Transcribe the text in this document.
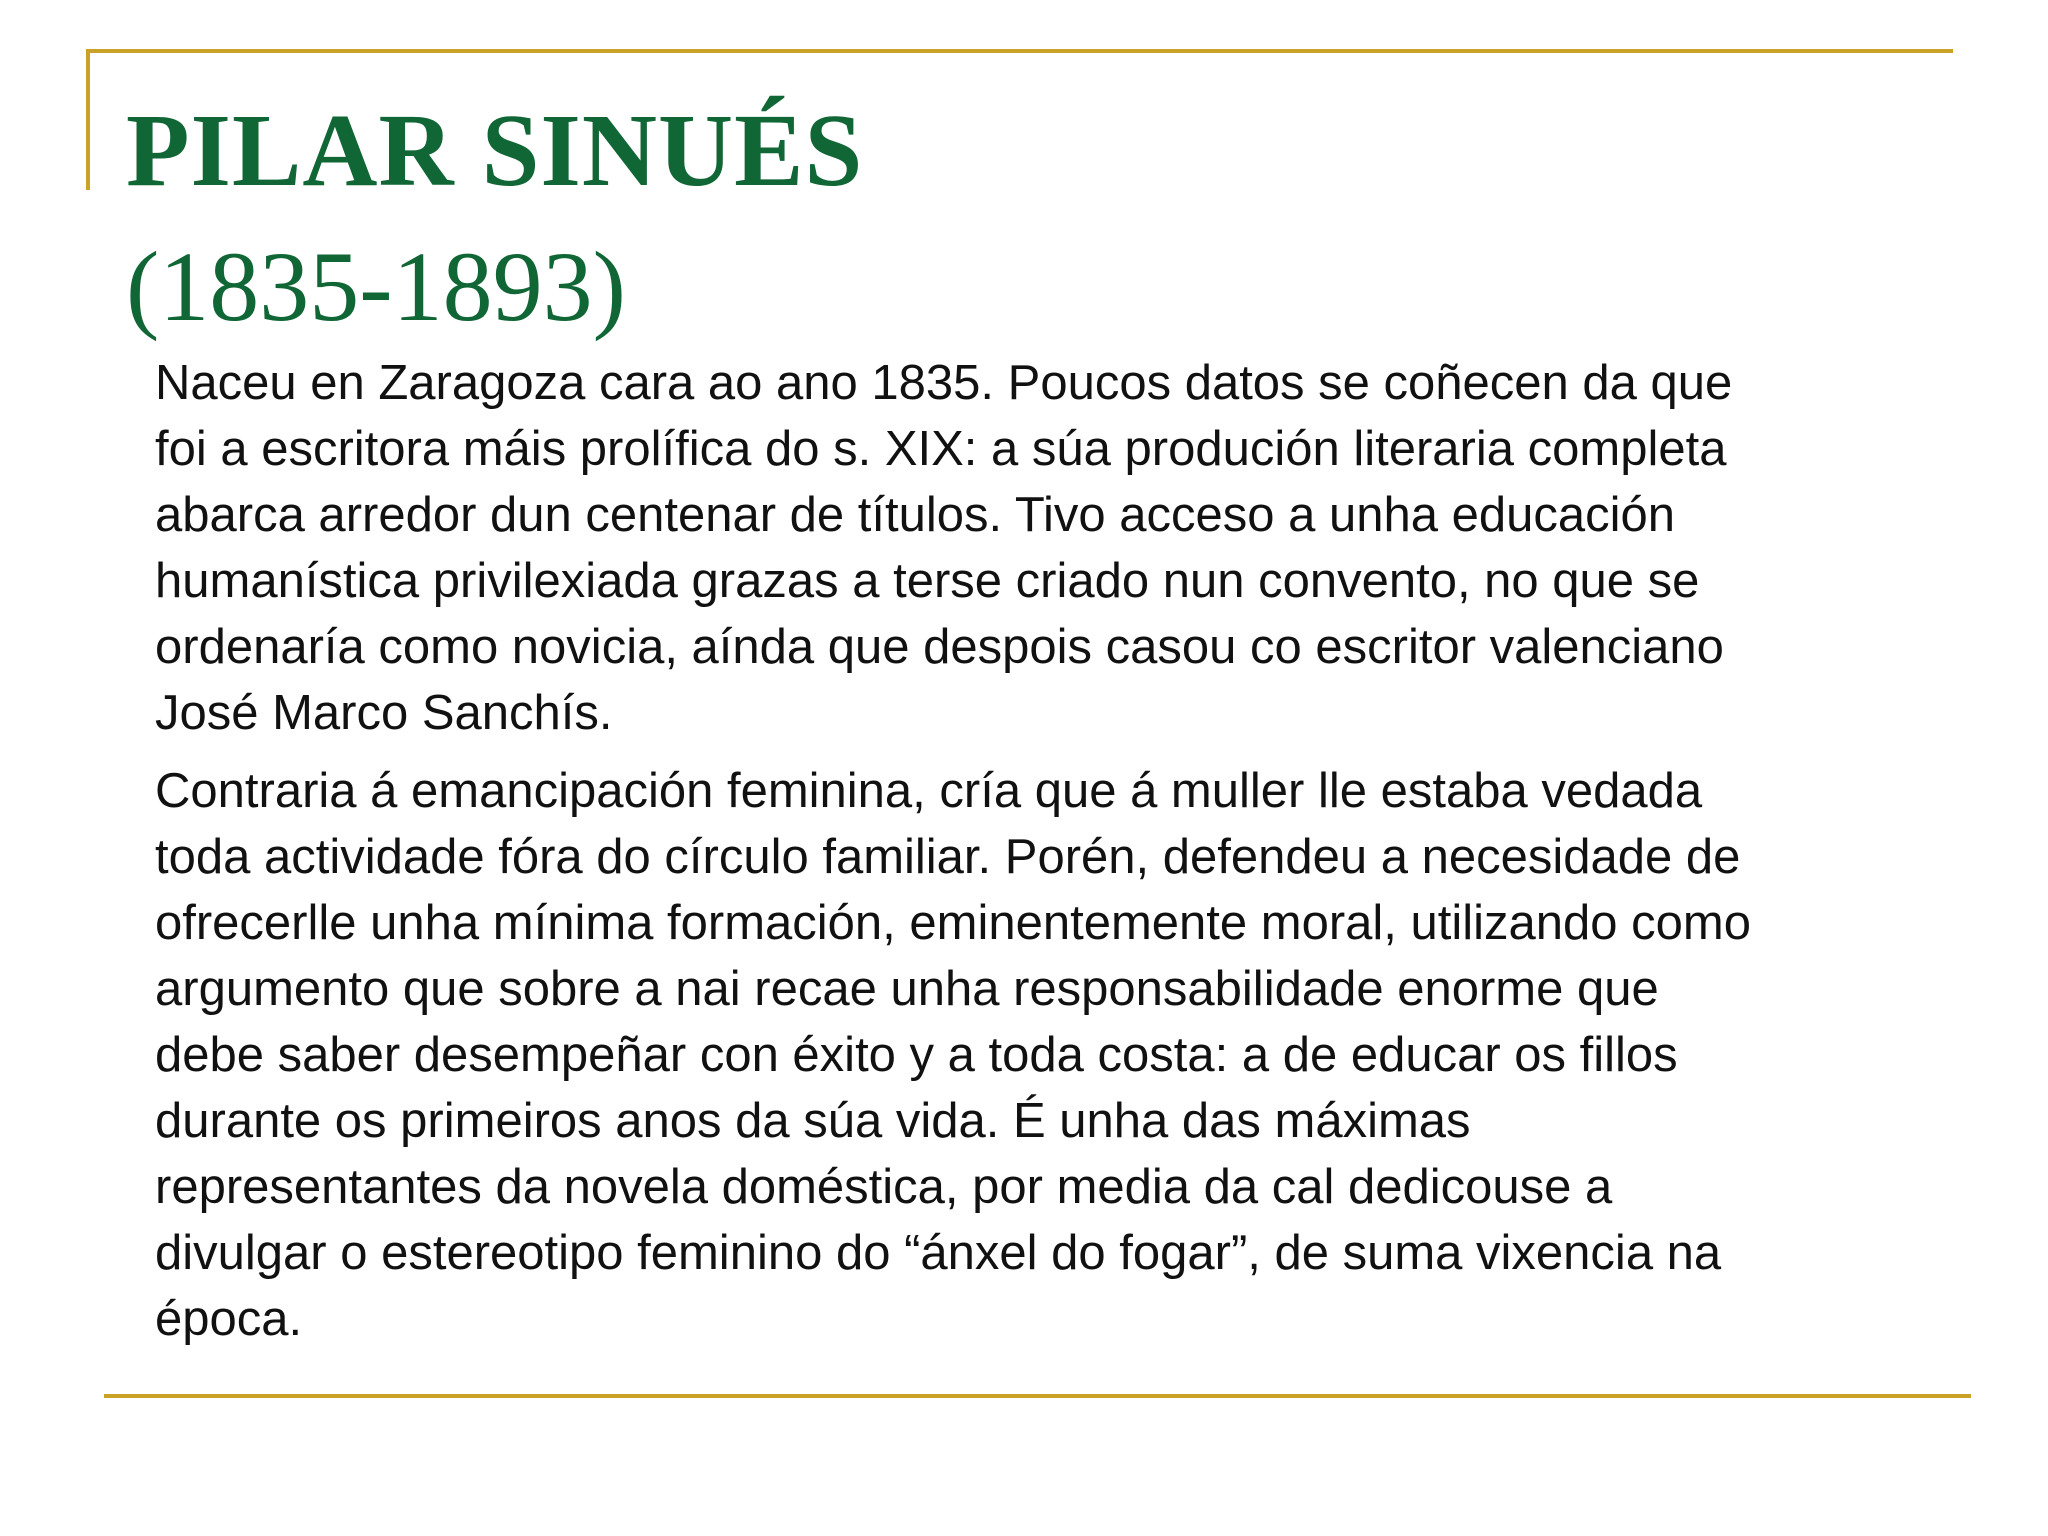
PILAR SINUÉS
(1835-1893)

Naceu en Zaragoza cara ao ano 1835. Poucos datos se coñecen da que
foi a escritora máis prolífica do s. XIX: a súa produción literaria completa
abarca arredor dun centenar de títulos. Tivo acceso a unha educación
humanística privilexiada grazas a terse criado nun convento, no que se
ordenaría como novicia, aínda que despois casou co escritor valenciano
José Marco Sanchís.

Contraria á emancipación feminina, cría que á muller lle estaba vedada
toda actividade fóra do círculo familiar. Porén, defendeu a necesidade de
ofrecerlle unha mínima formación, eminentemente moral, utilizando como
argumento que sobre a nai recae unha responsabilidade enorme que
debe saber desempeñar con éxito y a toda costa: a de educar os fillos
durante os primeiros anos da súa vida. É unha das máximas
representantes da novela doméstica, por media da cal dedicouse a
divulgar o estereotipo feminino do “ánxel do fogar”, de suma vixencia na
época.
